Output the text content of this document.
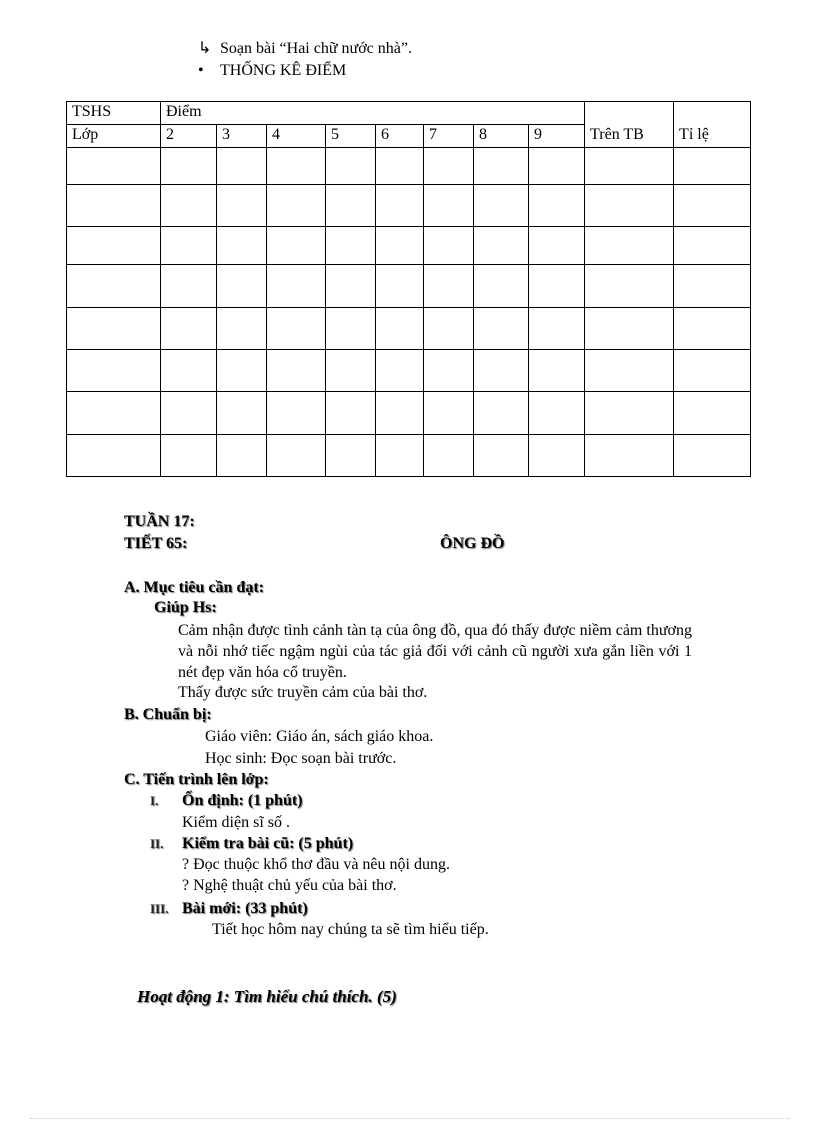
↳ Soạn bài “Hai chữ nước nhà”.
• THỐNG KÊ ĐIỂM
TSHS	Điểm									
Lớp	2	3	4	5	6	7	8	9	Trên TB	Tỉ lệ

TUẦN 17:
TIẾT 65:	ÔNG ĐỒ
A. Mục tiêu cần đạt:
Giúp Hs:
Cảm nhận được tình cảnh tàn tạ của ông đồ, qua đó thấy được niềm cảm thương và nỗi nhớ tiếc ngậm ngùi của tác giả đối với cảnh cũ người xưa gắn liền với 1 nét đẹp văn hóa cổ truyền.
Thấy được sức truyền cảm của bài thơ.
B. Chuẩn bị:
Giáo viên: Giáo án, sách giáo khoa.
Học sinh: Đọc soạn bài trước.
C. Tiến trình lên lớp:
I. Ổn định: (1 phút)
Kiểm diện sĩ số .
II. Kiểm tra bài cũ: (5 phút)
? Đọc thuộc khổ thơ đầu và nêu nội dung.
? Nghệ thuật chủ yếu của bài thơ.
III. Bài mới: (33 phút)
Tiết học hôm nay chúng ta sẽ tìm hiểu tiếp.
Hoạt động 1: Tìm hiểu chú thích. (5)
